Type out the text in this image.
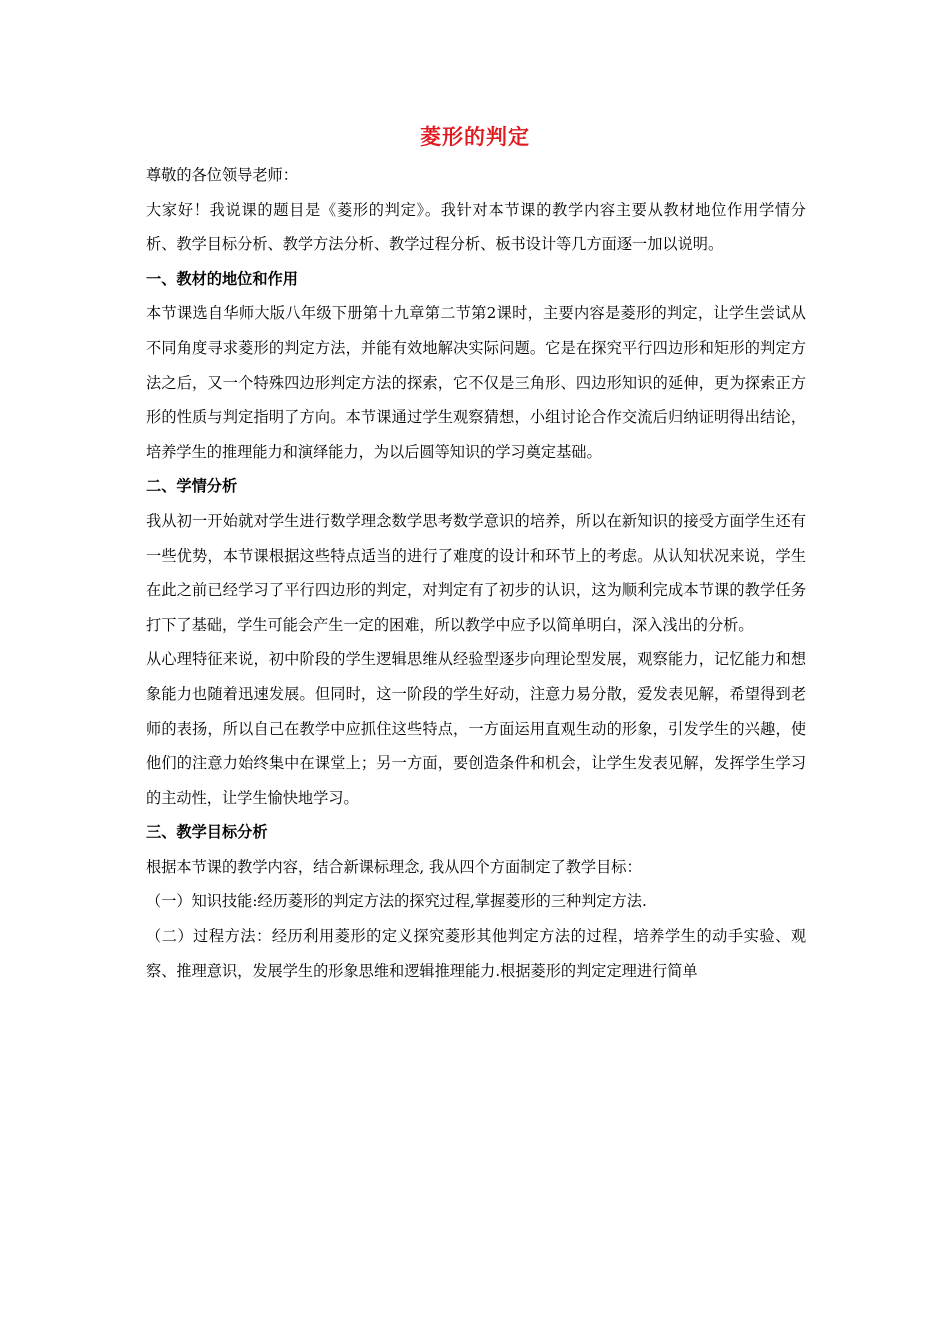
菱形的判定

尊敬的各位领导老师：

大家好！我说课的题目是《菱形的判定》。我针对本节课的教学内容主要从教材地位作用学情分析、教学目标分析、教学方法分析、教学过程分析、板书设计等几方面逐一加以说明。

一、教材的地位和作用

本节课选自华师大版八年级下册第十九章第二节第2课时，主要内容是菱形的判定，让学生尝试从不同角度寻求菱形的判定方法，并能有效地解决实际问题。它是在探究平行四边形和矩形的判定方法之后，又一个特殊四边形判定方法的探索，它不仅是三角形、四边形知识的延伸，更为探索正方形的性质与判定指明了方向。本节课通过学生观察猜想，小组讨论合作交流后归纳证明得出结论，培养学生的推理能力和演绎能力，为以后圆等知识的学习奠定基础。

二、学情分析

我从初一开始就对学生进行数学理念数学思考数学意识的培养，所以在新知识的接受方面学生还有一些优势，本节课根据这些特点适当的进行了难度的设计和环节上的考虑。从认知状况来说，学生在此之前已经学习了平行四边形的判定，对判定有了初步的认识，这为顺利完成本节课的教学任务打下了基础，学生可能会产生一定的困难，所以教学中应予以简单明白，深入浅出的分析。

从心理特征来说，初中阶段的学生逻辑思维从经验型逐步向理论型发展，观察能力，记忆能力和想象能力也随着迅速发展。但同时，这一阶段的学生好动，注意力易分散，爱发表见解，希望得到老师的表扬，所以自己在教学中应抓住这些特点，一方面运用直观生动的形象，引发学生的兴趣，使他们的注意力始终集中在课堂上；另一方面，要创造条件和机会，让学生发表见解，发挥学生学习的主动性，让学生愉快地学习。

三、教学目标分析

根据本节课的教学内容，结合新课标理念, 我从四个方面制定了教学目标：

（一）知识技能:经历菱形的判定方法的探究过程,掌握菱形的三种判定方法.

（二）过程方法：经历利用菱形的定义探究菱形其他判定方法的过程，培养学生的动手实验、观察、推理意识，发展学生的形象思维和逻辑推理能力.根据菱形的判定定理进行简单
